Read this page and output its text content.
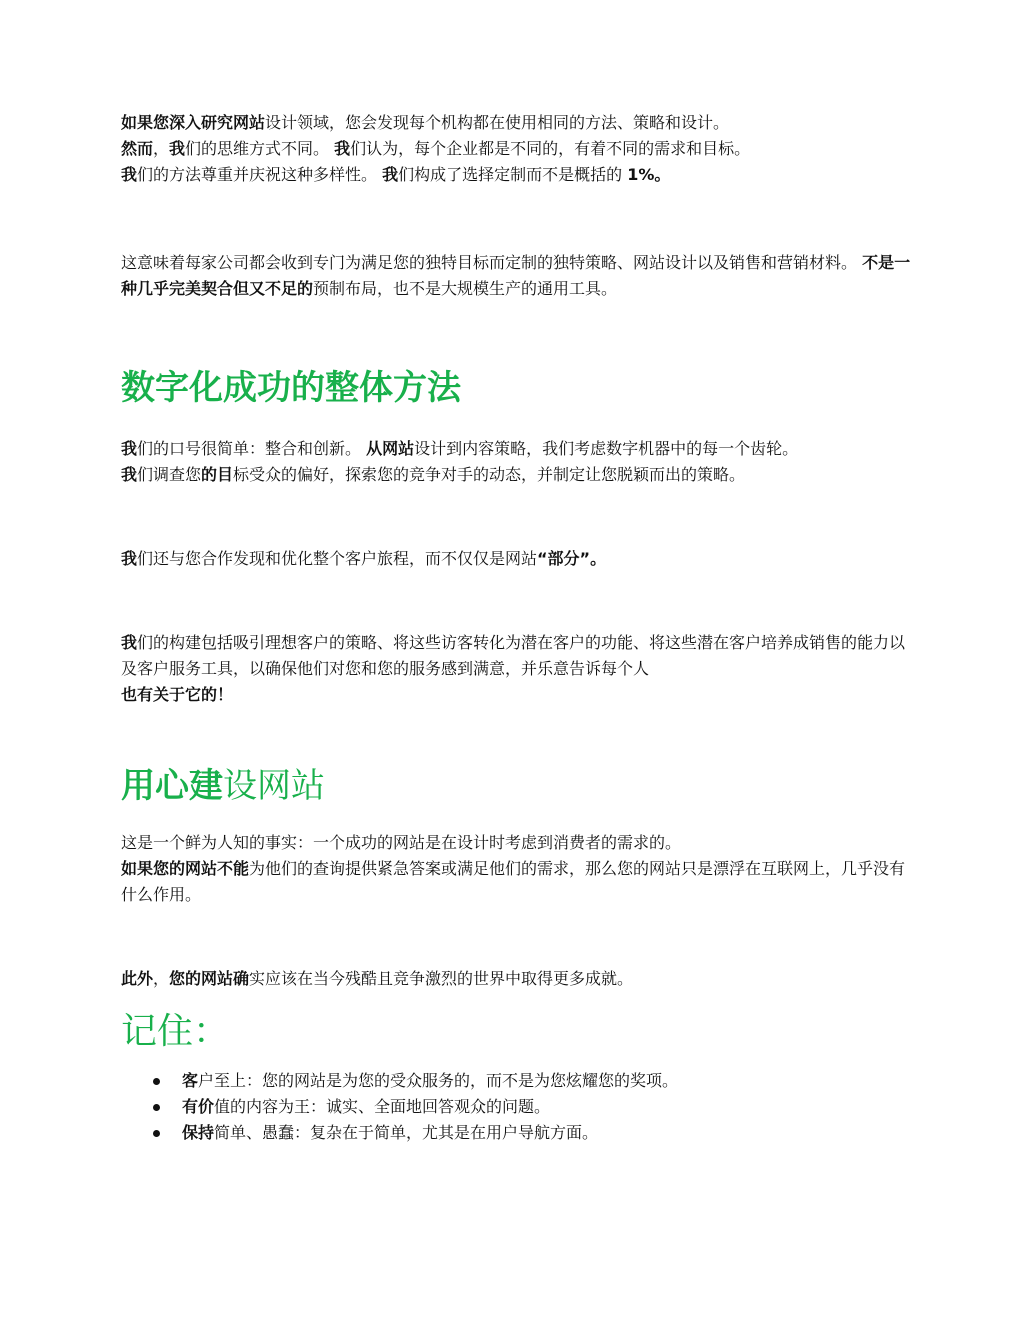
如果您深入研究网站设计领域，您会发现每个机构都在使用相同的方法、策略和设计。
然而，我们的思维方式不同。 我们认为，每个企业都是不同的，有着不同的需求和目标。
我们的方法尊重并庆祝这种多样性。 我们构成了选择定制而不是概括的 1%。

这意味着每家公司都会收到专门为满足您的独特目标而定制的独特策略、网站设计以及销售和营销材料。 不是一种几乎完美契合但又不足的预制布局，也不是大规模生产的通用工具。

数字化成功的整体方法

我们的口号很简单：整合和创新。 从网站设计到内容策略，我们考虑数字机器中的每一个齿轮。
我们调查您的目标受众的偏好，探索您的竞争对手的动态，并制定让您脱颖而出的策略。

我们还与您合作发现和优化整个客户旅程，而不仅仅是网站“部分”。

我们的构建包括吸引理想客户的策略、将这些访客转化为潜在客户的功能、将这些潜在客户培养成销售的能力以及客户服务工具，以确保他们对您和您的服务感到满意，并乐意告诉每个人
也有关于它的！

用心建设网站

这是一个鲜为人知的事实：一个成功的网站是在设计时考虑到消费者的需求的。
如果您的网站不能为他们的查询提供紧急答案或满足他们的需求，那么您的网站只是漂浮在互联网上，几乎没有什么作用。

此外，您的网站确实应该在当今残酷且竞争激烈的世界中取得更多成就。

记住：
客户至上：您的网站是为您的受众服务的，而不是为您炫耀您的奖项。
有价值的内容为王：诚实、全面地回答观众的问题。
保持简单、愚蠢：复杂在于简单，尤其是在用户导航方面。
